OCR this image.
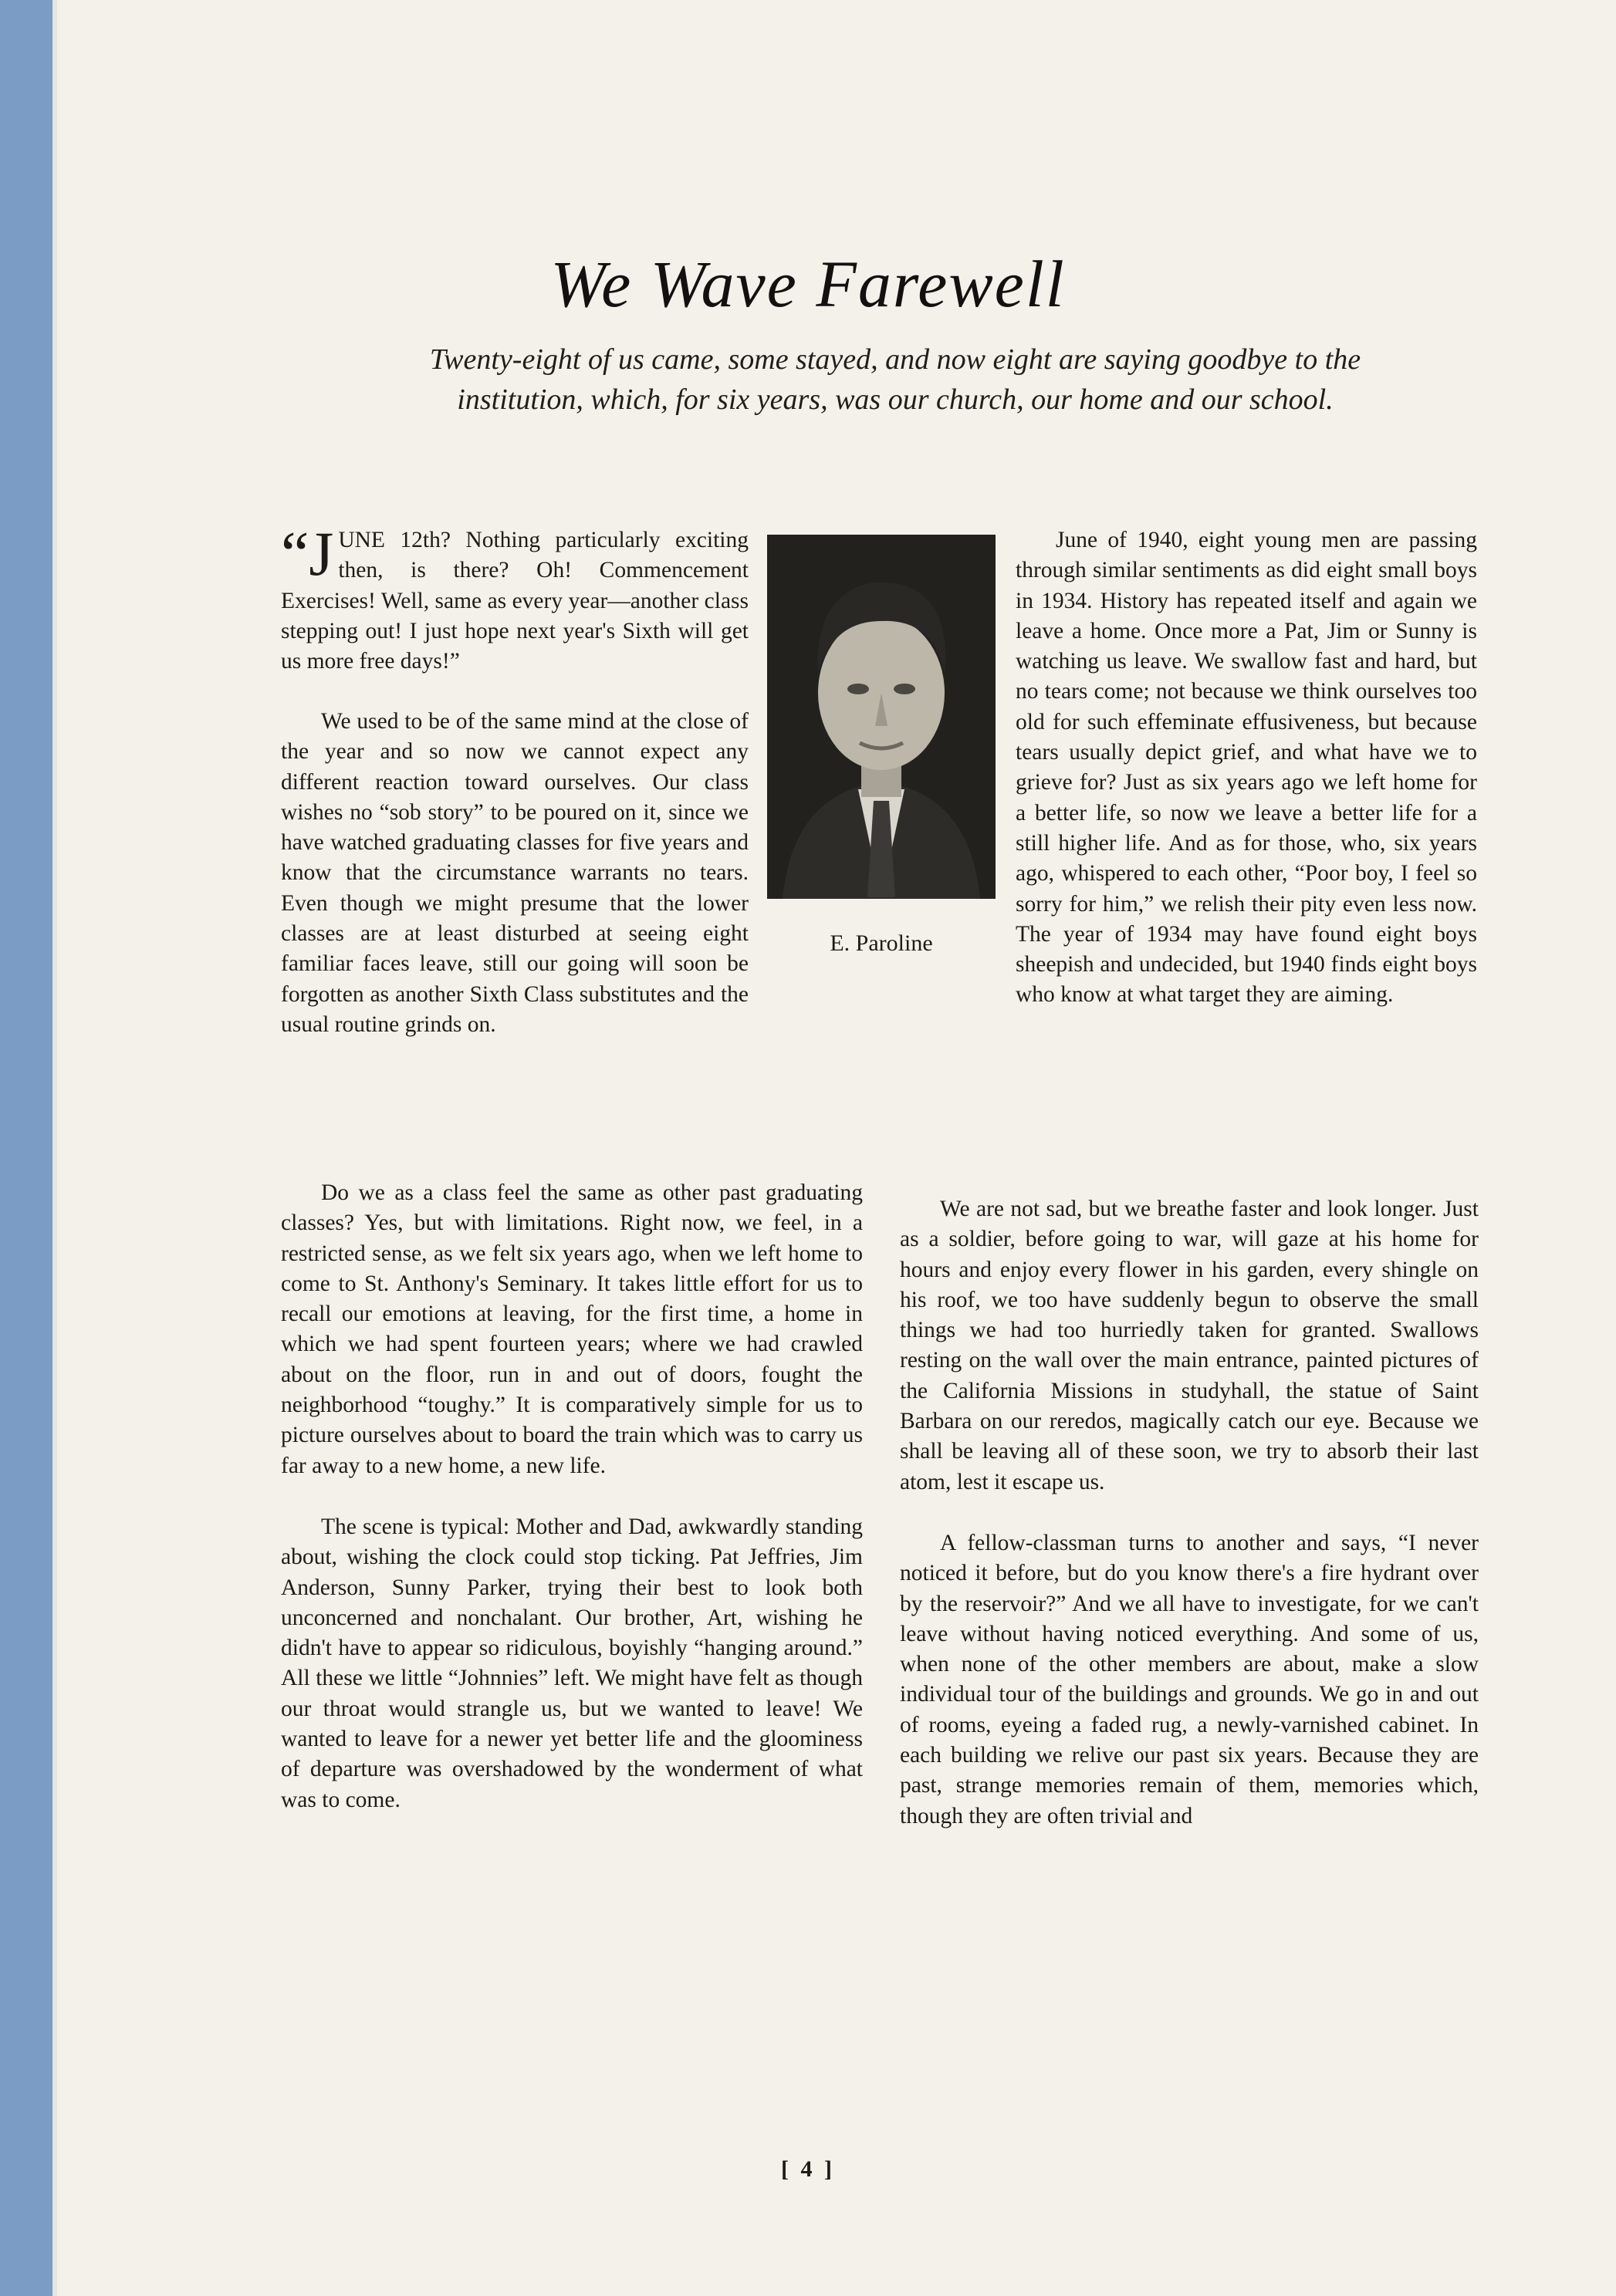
We Wave Farewell
Twenty-eight of us came, some stayed, and now eight are saying goodbye to the institution, which, for six years, was our church, our home and our school.

“JUNE 12th? Nothing particularly exciting then, is there? Oh! Commencement Exercises! Well, same as every year—another class stepping out! I just hope next year's Sixth will get us more free days!”

We used to be of the same mind at the close of the year and so now we cannot expect any different reaction toward ourselves. Our class wishes no “sob story” to be poured on it, since we have watched graduating classes for five years and know that the circumstance warrants no tears. Even though we might presume that the lower classes are at least disturbed at seeing eight familiar faces leave, still our going will soon be forgotten as another Sixth Class substitutes and the usual routine grinds on.

E. Paroline

June of 1940, eight young men are passing through similar sentiments as did eight small boys in 1934. History has repeated itself and again we leave a home. Once more a Pat, Jim or Sunny is watching us leave. We swallow fast and hard, but no tears come; not because we think ourselves too old for such effeminate effusiveness, but because tears usually depict grief, and what have we to grieve for? Just as six years ago we left home for a better life, so now we leave a better life for a still higher life. And as for those, who, six years ago, whispered to each other, “Poor boy, I feel so sorry for him,” we relish their pity even less now. The year of 1934 may have found eight boys sheepish and undecided, but 1940 finds eight boys who know at what target they are aiming.

Do we as a class feel the same as other past graduating classes? Yes, but with limitations. Right now, we feel, in a restricted sense, as we felt six years ago, when we left home to come to St. Anthony's Seminary. It takes little effort for us to recall our emotions at leaving, for the first time, a home in which we had spent fourteen years; where we had crawled about on the floor, run in and out of doors, fought the neighborhood “toughy.” It is comparatively simple for us to picture ourselves about to board the train which was to carry us far away to a new home, a new life.

The scene is typical: Mother and Dad, awkwardly standing about, wishing the clock could stop ticking. Pat Jeffries, Jim Anderson, Sunny Parker, trying their best to look both unconcerned and nonchalant. Our brother, Art, wishing he didn't have to appear so ridiculous, boyishly “hanging around.” All these we little “Johnnies” left. We might have felt as though our throat would strangle us, but we wanted to leave! We wanted to leave for a newer yet better life and the gloominess of departure was overshadowed by the wonderment of what was to come.

We are not sad, but we breathe faster and look longer. Just as a soldier, before going to war, will gaze at his home for hours and enjoy every flower in his garden, every shingle on his roof, we too have suddenly begun to observe the small things we had too hurriedly taken for granted. Swallows resting on the wall over the main entrance, painted pictures of the California Missions in studyhall, the statue of Saint Barbara on our reredos, magically catch our eye. Because we shall be leaving all of these soon, we try to absorb their last atom, lest it escape us.

A fellow-classman turns to another and says, “I never noticed it before, but do you know there's a fire hydrant over by the reservoir?” And we all have to investigate, for we can't leave without having noticed everything. And some of us, when none of the other members are about, make a slow individual tour of the buildings and grounds. We go in and out of rooms, eyeing a faded rug, a newly-varnished cabinet. In each building we relive our past six years. Because they are past, strange memories remain of them, memories which, though they are often trivial and

[ 4 ]
